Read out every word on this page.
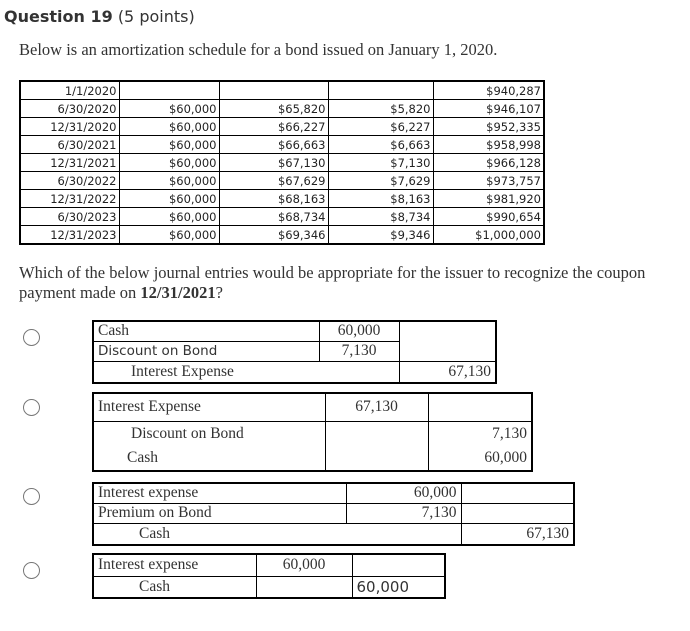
Question 19 (5 points)
Below is an amortization schedule for a bond issued on January 1, 2020.
1/1/2020				$940,287
6/30/2020	$60,000	$65,820	$5,820	$946,107
12/31/2020	$60,000	$66,227	$6,227	$952,335
6/30/2021	$60,000	$66,663	$6,663	$958,998
12/31/2021	$60,000	$67,130	$7,130	$966,128
6/30/2022	$60,000	$67,629	$7,629	$973,757
12/31/2022	$60,000	$68,163	$8,163	$981,920
6/30/2023	$60,000	$68,734	$8,734	$990,654
12/31/2023	$60,000	$69,346	$9,346	$1,000,000
Which of the below journal entries would be appropriate for the issuer to recognize the coupon payment made on 12/31/2021?
Cash	60,000	
Discount on Bond	7,130	
Interest Expense		67,130
Interest Expense	67,130	
Discount on Bond		7,130
Cash		60,000
Interest expense	60,000	
Premium on Bond	7,130	
Cash		67,130
Interest expense	60,000	
Cash		60,000
